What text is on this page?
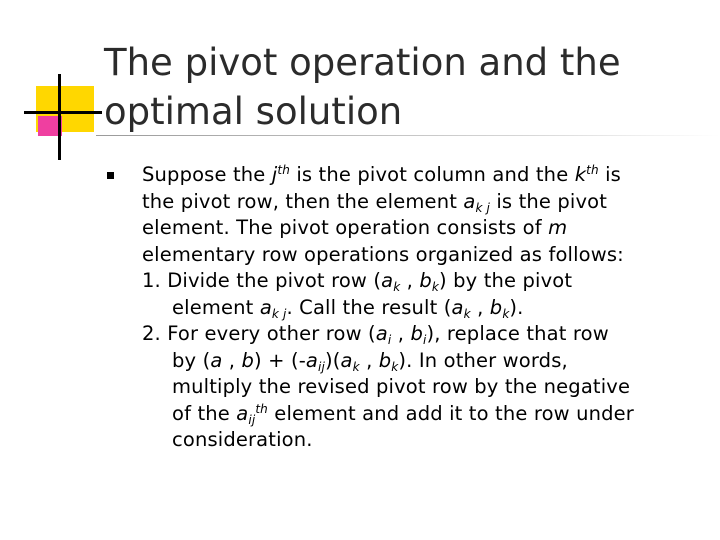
The pivot operation and the
optimal solution
Suppose the $j^{th}$ is the pivot column and the $k^{th}$ is
the pivot row, then the element $a_{k j}$ is the pivot
element. The pivot operation consists of m
elementary row operations organized as follows:
1. Divide the pivot row ($a_k$ , $b_k$) by the pivot
element $a_{k j}$. Call the result ($a_k$ , $b_k$).
2. For every other row ($a_i$ , $b_i$), replace that row
by (a , $b) + (-a_{ij})(a_k$ , $b_k$). In other words,
multiply the revised pivot row by the negative
of the $a_{ij}^{th}$ element and add it to the row under
consideration.
